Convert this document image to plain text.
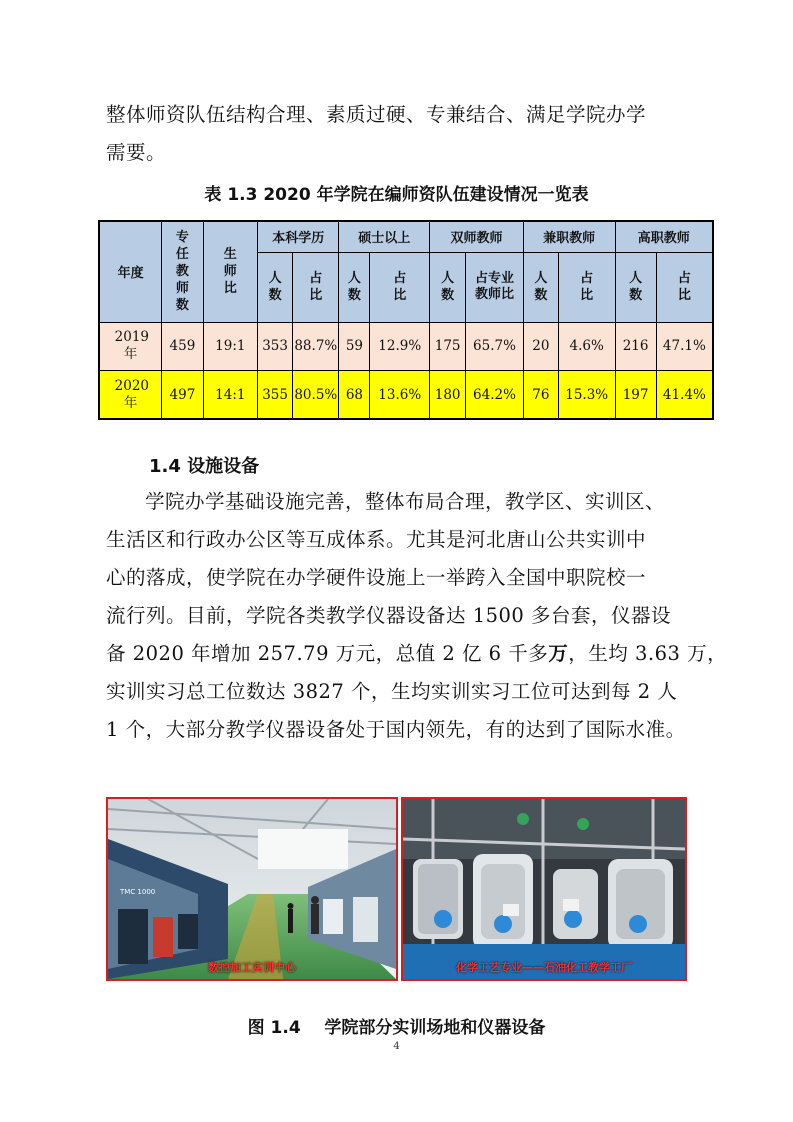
整体师资队伍结构合理、素质过硬、专兼结合、满足学院办学
需要。
表 1.3 2020 年学院在编师资队伍建设情况一览表
年度	专任教师数	生师比	本科学历		硕士以上		双师教师		兼职教师		高职教师	

			人数	占比	人数	占比	人数	占专业教师比	人数	占比	人数	占比

2019年	459	19:1	353	88.7%	59	12.9%	175	65.7%	20	4.6%	216	47.1%

2020年	497	14:1	355	80.5%	68	13.6%	180	64.2%	76	15.3%	197	41.4%
1.4 设施设备
学院办学基础设施完善，整体布局合理，教学区、实训区、
生活区和行政办公区等互成体系。尤其是河北唐山公共实训中
心的落成，使学院在办学硬件设施上一举跨入全国中职院校一
流行列。目前，学院各类教学仪器设备达 1500 多台套，仪器设
备 2020 年增加 257.79 万元，总值 2 亿 6 千多万，生均 3.63 万，
实训实习总工位数达 3827 个，生均实训实习工位可达到每 2 人
1 个，大部分教学仪器设备处于国内领先，有的达到了国际水准。
TMC 1000
数控加工实训中心	化学工艺专业——石油化工教学工厂
图 1.4    学院部分实训场地和仪器设备
4
